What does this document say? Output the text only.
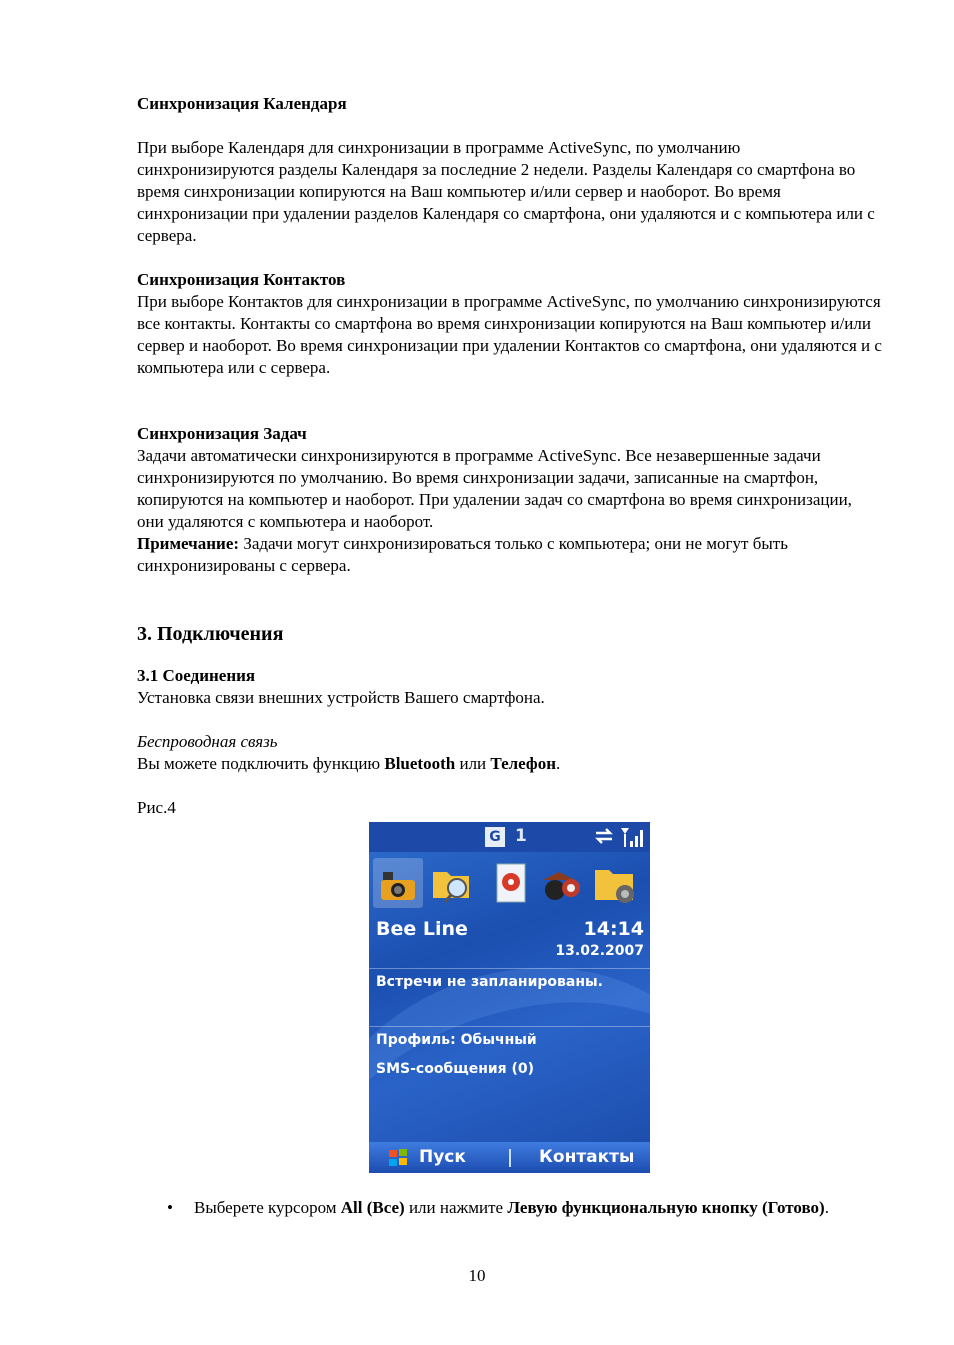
Синхронизация Календаря

При выборе Календаря для синхронизации в программе ActiveSync, по умолчанию синхронизируются разделы Календаря за последние 2 недели. Разделы Календаря со смартфона во время синхронизации копируются на Ваш компьютер и/или сервер и наоборот. Во время синхронизации при удалении разделов Календаря со смартфона, они удаляются и с компьютера или с сервера.

Синхронизация Контактов

При выборе Контактов для синхронизации в программе ActiveSync, по умолчанию синхронизируются все контакты. Контакты со смартфона во время синхронизации копируются на Ваш компьютер и/или сервер и наоборот. Во время синхронизации при удалении Контактов со смартфона, они удаляются и с компьютера или с сервера.

Синхронизация Задач

Задачи автоматически синхронизируются в программе ActiveSync. Все незавершенные задачи синхронизируются по умолчанию. Во время синхронизации задачи, записанные на смартфон, копируются на компьютер и наоборот. При удалении задач со смартфона во время синхронизации, они удаляются с компьютера и наоборот.

Примечание: Задачи могут синхронизироваться только с компьютера; они не могут быть синхронизированы с сервера.

3. Подключения

3.1 Соединения

Установка связи внешних устройств Вашего смартфона.

Беспроводная связь

Вы можете подключить функцию Bluetooth или Телефон.

Рис.4

G 1
Bee Line	14:14
13.02.2007
Встречи не запланированы.
Профиль: Обычный
SMS-сообщения (0)
Пуск	Контакты
• Выберете курсором All (Все) или нажмите Левую функциональную кнопку (Готово).

10
